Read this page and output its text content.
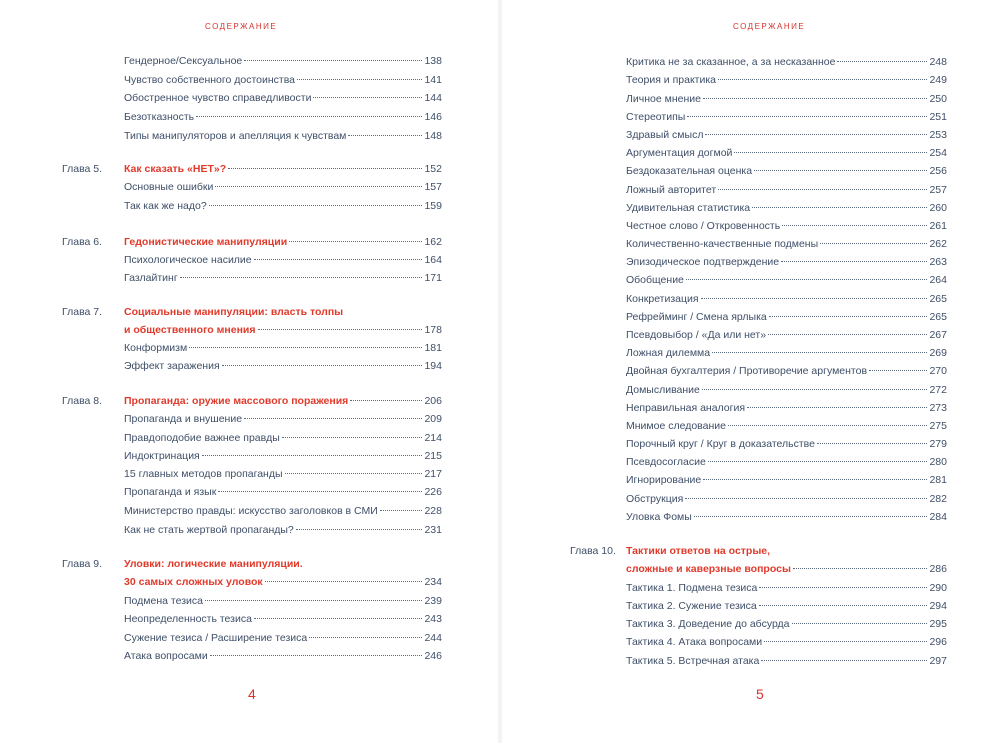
СОДЕРЖАНИЕ
Гендерное/Сексуальное	138
Чувство собственного достоинства	141
Обостренное чувство справедливости	144
Безотказность	146
Типы манипуляторов и апелляция к чувствам	148
Глава 5. Как сказать «НЕТ»?	152
Основные ошибки	157
Так как же надо?	159
Глава 6. Гедонистические манипуляции	162
Психологическое насилие	164
Газлайтинг	171
Глава 7. Социальные манипуляции: власть толпы
и общественного мнения	178
Конформизм	181
Эффект заражения	194
Глава 8. Пропаганда: оружие массового поражения	206
Пропаганда и внушение	209
Правдоподобие важнее правды	214
Индоктринация	215
15 главных методов пропаганды	217
Пропаганда и язык	226
Министерство правды: искусство заголовков в СМИ	228
Как не стать жертвой пропаганды?	231
Глава 9. Уловки: логические манипуляции.
30 самых сложных уловок	234
Подмена тезиса	239
Неопределенность тезиса	243
Сужение тезиса / Расширение тезиса	244
Атака вопросами	246
4
СОДЕРЖАНИЕ
Критика не за сказанное, а за несказанное	248
Теория и практика	249
Личное мнение	250
Стереотипы	251
Здравый смысл	253
Аргументация догмой	254
Бездоказательная оценка	256
Ложный авторитет	257
Удивительная статистика	260
Честное слово / Откровенность	261
Количественно-качественные подмены	262
Эпизодическое подтверждение	263
Обобщение	264
Конкретизация	265
Рефрейминг / Смена ярлыка	265
Псевдовыбор / «Да или нет»	267
Ложная дилемма	269
Двойная бухгалтерия / Противоречие аргументов	270
Домысливание	272
Неправильная аналогия	273
Мнимое следование	275
Порочный круг / Круг в доказательстве	279
Псевдосогласие	280
Игнорирование	281
Обструкция	282
Уловка Фомы	284
Глава 10. Тактики ответов на острые,
сложные и каверзные вопросы	286
Тактика 1. Подмена тезиса	290
Тактика 2. Сужение тезиса	294
Тактика 3. Доведение до абсурда	295
Тактика 4. Атака вопросами	296
Тактика 5. Встречная атака	297
5
